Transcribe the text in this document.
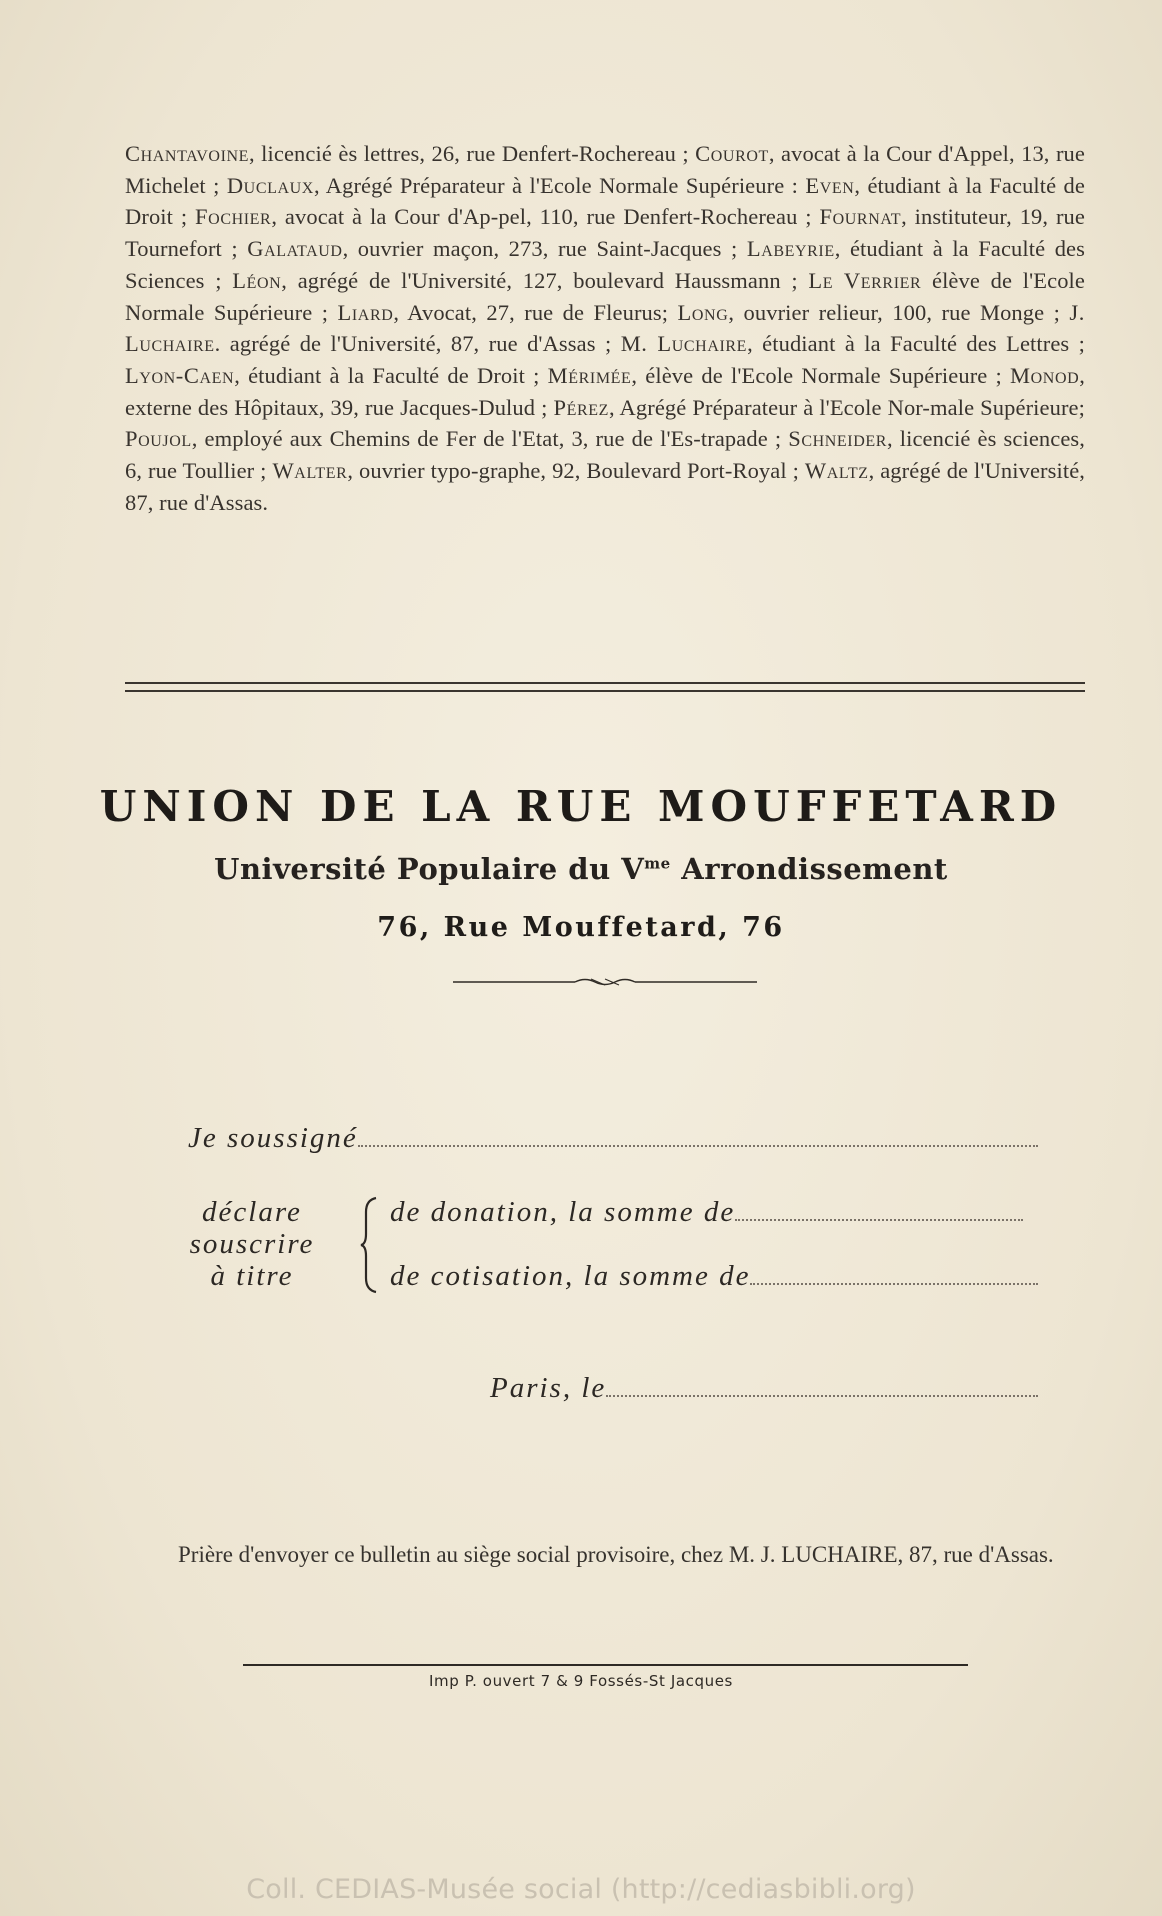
Chantavoine, licencié ès lettres, 26, rue Denfert-Rochereau ; Courot, avocat à la Cour d'Appel, 13, rue Michelet ; Duclaux, Agrégé Préparateur à l'Ecole Normale Supérieure : Even, étudiant à la Faculté de Droit ; Fochier, avocat à la Cour d'Ap-pel, 110, rue Denfert-Rochereau ; Fournat, instituteur, 19, rue Tournefort ; Galataud, ouvrier maçon, 273, rue Saint-Jacques ; Labeyrie, étudiant à la Faculté des Sciences ; Léon, agrégé de l'Université, 127, boulevard Haussmann ; Le Verrier élève de l'Ecole Normale Supérieure ; Liard, Avocat, 27, rue de Fleurus; Long, ouvrier relieur, 100, rue Monge ; J. Luchaire. agrégé de l'Université, 87, rue d'Assas ; M. Luchaire, étudiant à la Faculté des Lettres ; Lyon-Caen, étudiant à la Faculté de Droit ; Mérimée, élève de l'Ecole Normale Supérieure ; Monod, externe des Hôpitaux, 39, rue Jacques-Dulud ; Pérez, Agrégé Préparateur à l'Ecole Nor-male Supérieure; Poujol, employé aux Chemins de Fer de l'Etat, 3, rue de l'Es-trapade ; Schneider, licencié ès sciences, 6, rue Toullier ; Walter, ouvrier typo-graphe, 92, Boulevard Port-Royal ; Waltz, agrégé de l'Université, 87, rue d'Assas.
UNION DE LA RUE MOUFFETARD
Université Populaire du $V^{me}$ Arrondissement
76, Rue Mouffetard, 76
Je soussigné
déclare
souscrire
à titre
de donation, la somme de
de cotisation, la somme de
Paris, le
Prière d'envoyer ce bulletin au siège social provisoire, chez M. J. LUCHAIRE, 87, rue d'Assas.
Imp P. ouvert 7 & 9 Fossés-St Jacques
Coll. CEDIAS-Musée social (http://cediasbibli.org)
